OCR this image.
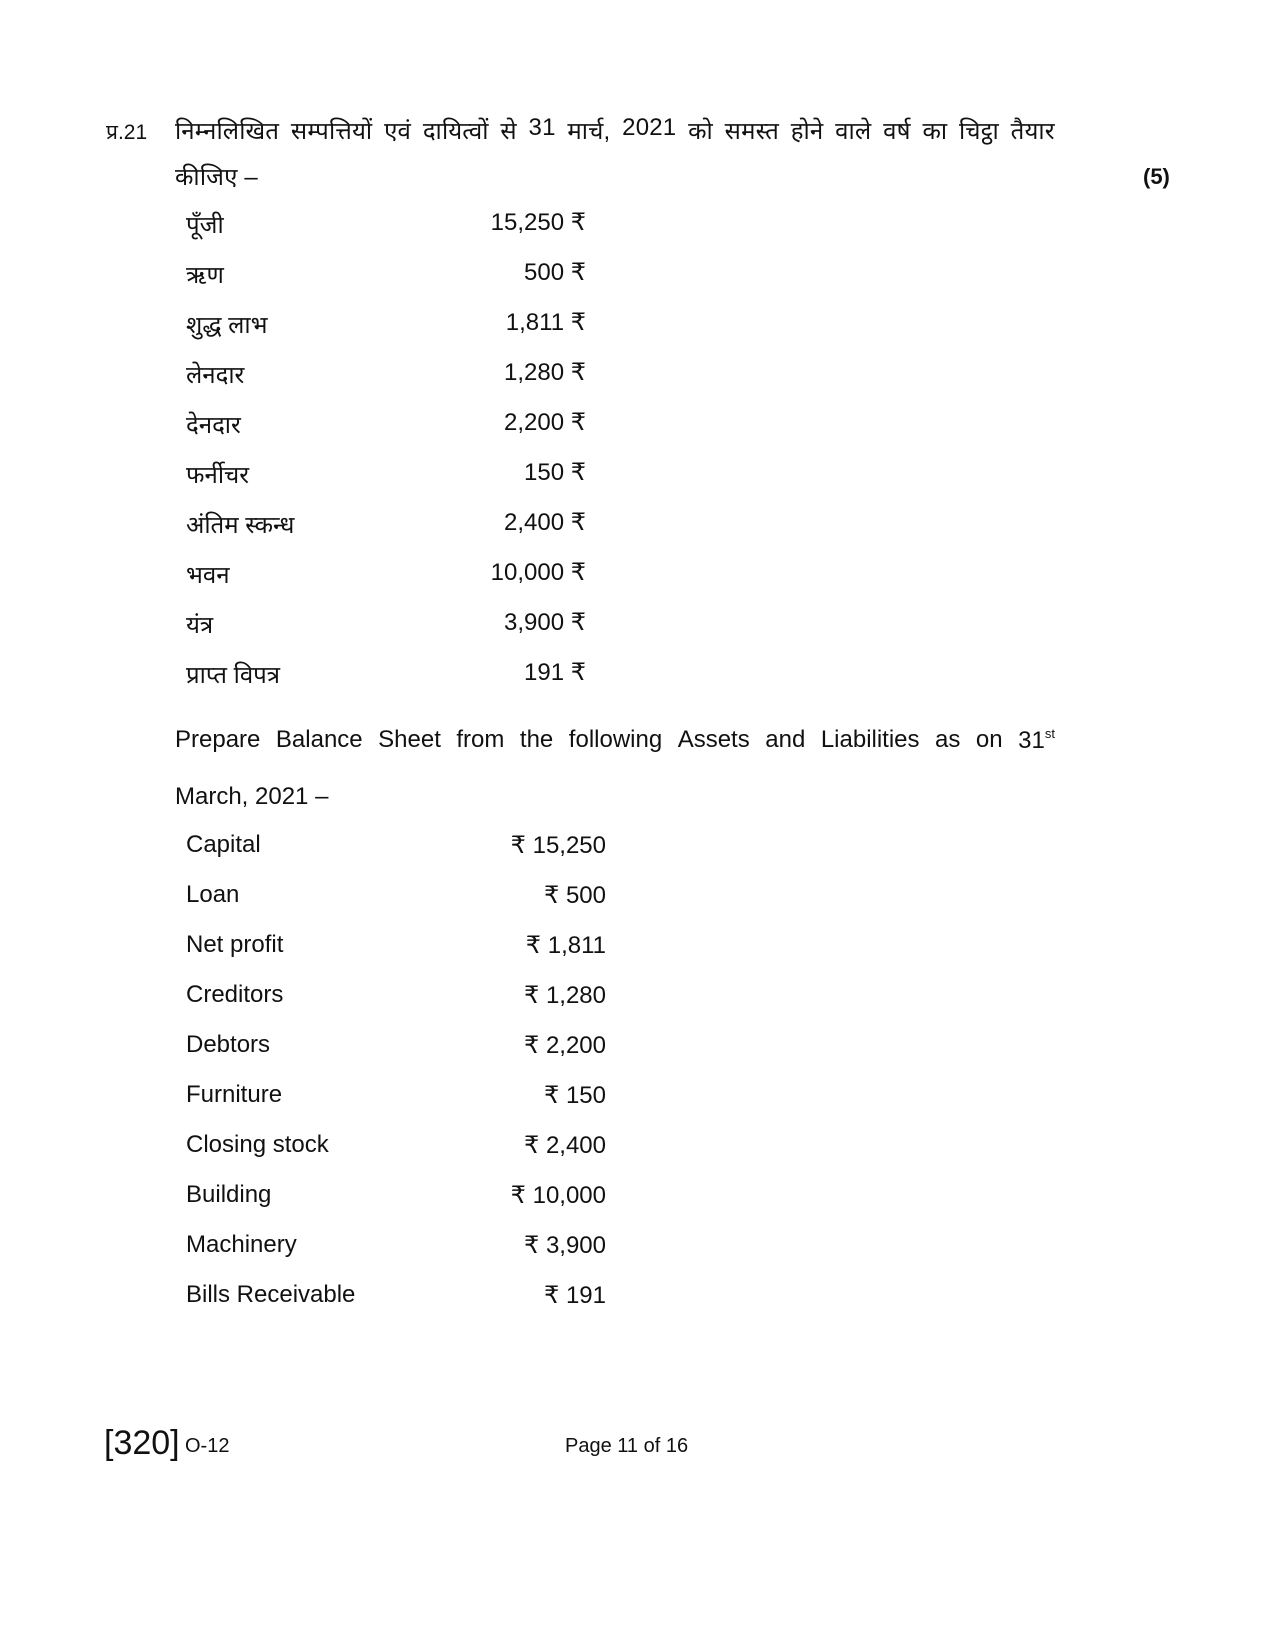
प्र.21 निम्नलिखित सम्पत्तियों एवं दायित्वों से 31 मार्च, 2021 को समस्त होने वाले वर्ष का चिट्ठा तैयार
कीजिए –	(5)
पूँजी	15,250 ₹
ऋण	500 ₹
शुद्ध लाभ	1,811 ₹
लेनदार	1,280 ₹
देनदार	2,200 ₹
फर्नीचर	150 ₹
अंतिम स्कन्ध	2,400 ₹
भवन	10,000 ₹
यंत्र	3,900 ₹
प्राप्त विपत्र	191 ₹
Prepare Balance Sheet from the following Assets and Liabilities as on 31st
March, 2021 –
Capital	₹ 15,250
Loan	₹ 500
Net profit	₹ 1,811
Creditors	₹ 1,280
Debtors	₹ 2,200
Furniture	₹ 150
Closing stock	₹ 2,400
Building	₹ 10,000
Machinery	₹ 3,900
Bills Receivable	₹ 191
[320] O-12	Page 11 of 16
